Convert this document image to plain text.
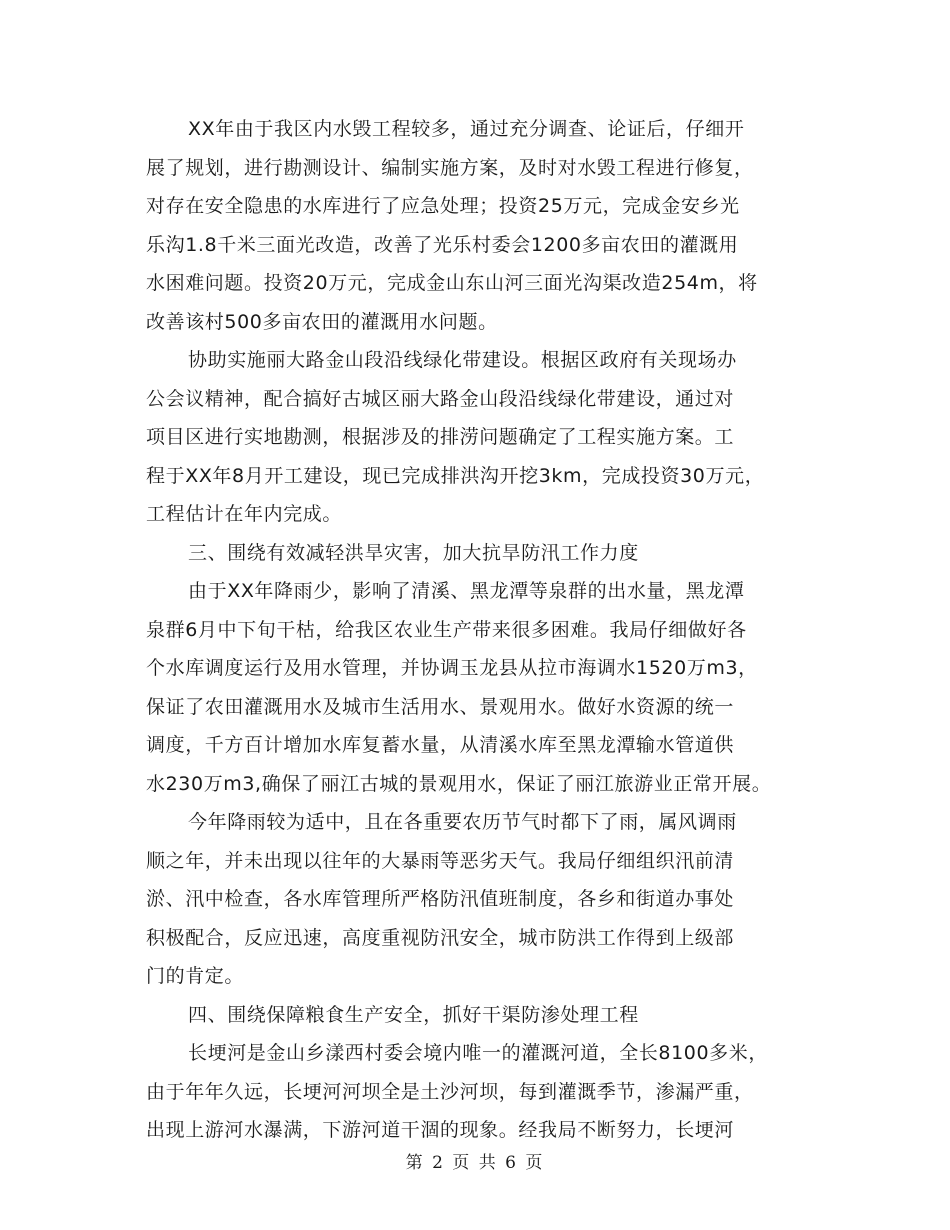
XX年由于我区内水毁工程较多，通过充分调查、论证后，仔细开
展了规划，进行勘测设计、编制实施方案，及时对水毁工程进行修复，
对存在安全隐患的水库进行了应急处理；投资25万元，完成金安乡光
乐沟1.8千米三面光改造，改善了光乐村委会1200多亩农田的灌溉用
水困难问题。投资20万元，完成金山东山河三面光沟渠改造254m，将
改善该村500多亩农田的灌溉用水问题。
协助实施丽大路金山段沿线绿化带建设。根据区政府有关现场办
公会议精神，配合搞好古城区丽大路金山段沿线绿化带建设，通过对
项目区进行实地勘测，根据涉及的排涝问题确定了工程实施方案。工
程于XX年8月开工建设，现已完成排洪沟开挖3km，完成投资30万元，
工程估计在年内完成。
三、围绕有效减轻洪旱灾害，加大抗旱防汛工作力度
由于XX年降雨少，影响了清溪、黑龙潭等泉群的出水量，黑龙潭
泉群6月中下旬干枯，给我区农业生产带来很多困难。我局仔细做好各
个水库调度运行及用水管理，并协调玉龙县从拉市海调水1520万m3，
保证了农田灌溉用水及城市生活用水、景观用水。做好水资源的统一
调度，千方百计增加水库复蓄水量，从清溪水库至黑龙潭输水管道供
水230万m3,确保了丽江古城的景观用水，保证了丽江旅游业正常开展。
今年降雨较为适中，且在各重要农历节气时都下了雨，属风调雨
顺之年，并未出现以往年的大暴雨等恶劣天气。我局仔细组织汛前清
淤、汛中检查，各水库管理所严格防汛值班制度，各乡和街道办事处
积极配合，反应迅速，高度重视防汛安全，城市防洪工作得到上级部
门的肯定。
四、围绕保障粮食生产安全，抓好干渠防渗处理工程
长埂河是金山乡漾西村委会境内唯一的灌溉河道，全长8100多米，
由于年年久远，长埂河河坝全是土沙河坝，每到灌溉季节，渗漏严重，
出现上游河水瀑满，下游河道干涸的现象。经我局不断努力，长埂河
第 2 页 共 6 页
